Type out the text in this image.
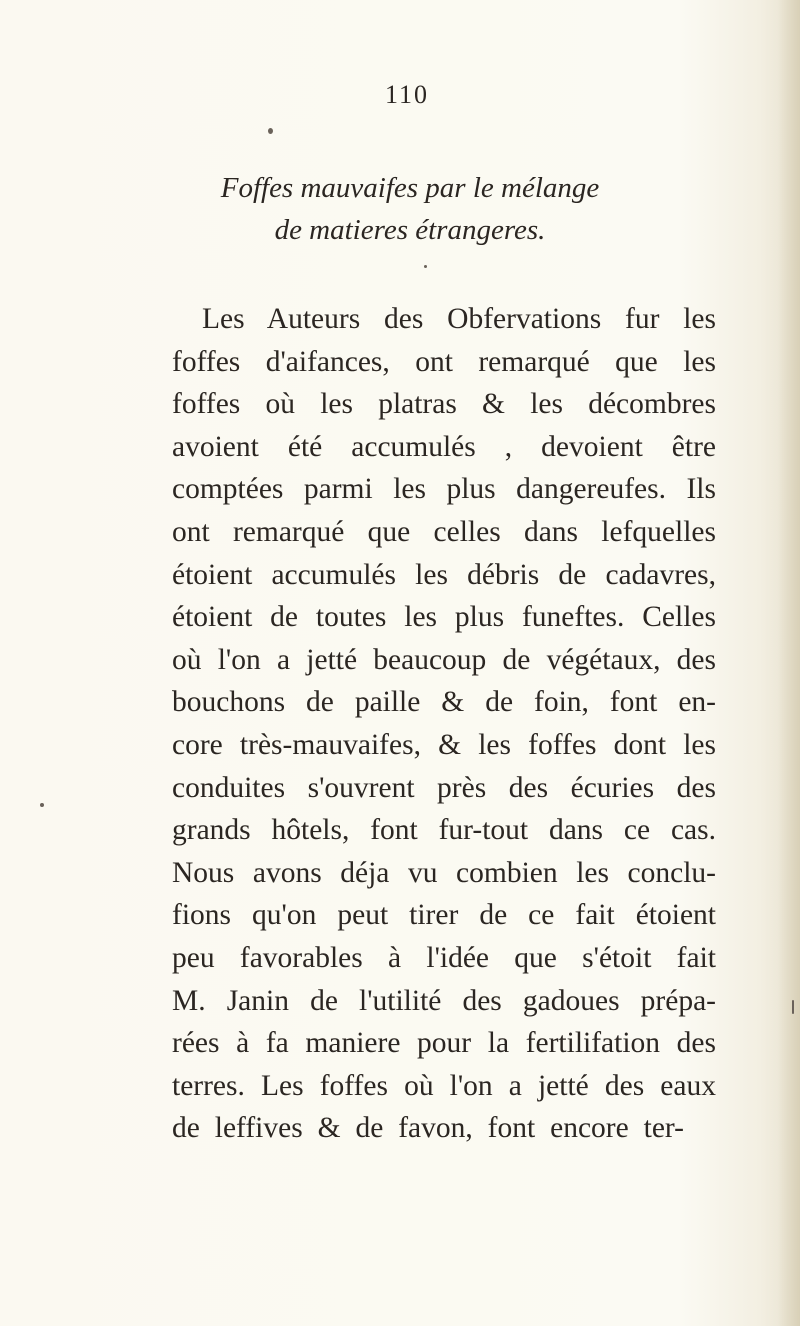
110
Foffes mauvaifes par le mélange
de matieres étrangeres.
Les Auteurs des Obfervations fur les
foffes d'aifances, ont remarqué que les
foffes où les platras & les décombres
avoient été accumulés , devoient être
comptées parmi les plus dangereufes. Ils
ont remarqué que celles dans lefquelles
étoient accumulés les débris de cadavres,
étoient de toutes les plus funeftes. Celles
où l'on a jetté beaucoup de végétaux, des
bouchons de paille & de foin, font en-
core très-mauvaifes, & les foffes dont les
conduites s'ouvrent près des écuries des
grands hôtels, font fur-tout dans ce cas.
Nous avons déja vu combien les conclu-
fions qu'on peut tirer de ce fait étoient
peu favorables à l'idée que s'étoit fait
M. Janin de l'utilité des gadoues prépa-
rées à fa maniere pour la fertilifation des
terres. Les foffes où l'on a jetté des eaux
de leffives & de favon, font encore ter-
